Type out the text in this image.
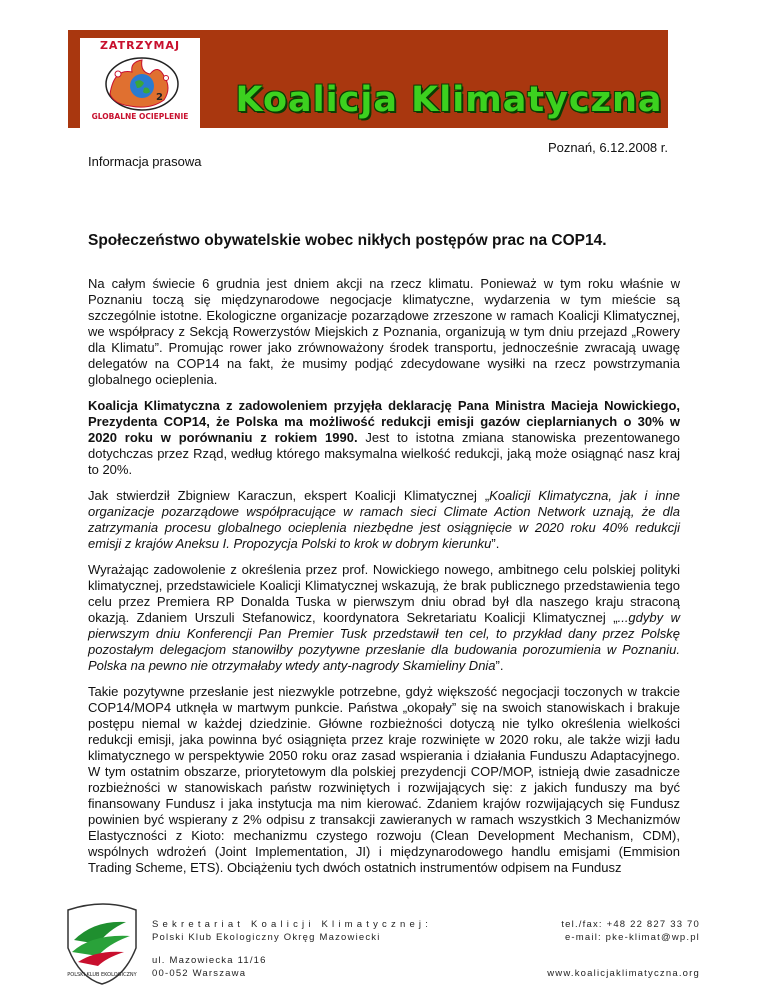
2
ZATRZYMAJ
GLOBALNE OCIEPLENIE	Koalicja Klimatyczna
Poznań, 6.12.2008 r.
Informacja prasowa
Społeczeństwo obywatelskie wobec nikłych postępów prac na COP14.

Na całym świecie 6 grudnia jest dniem akcji na rzecz klimatu. Ponieważ w tym roku właśnie w Poznaniu toczą się międzynarodowe negocjacje klimatyczne, wydarzenia w tym mieście są szczególnie istotne. Ekologiczne organizacje pozarządowe zrzeszone w ramach Koalicji Klimatycznej, we współpracy z Sekcją Rowerzystów Miejskich z Poznania, organizują w tym dniu przejazd „Rowery dla Klimatu”. Promując rower jako zrównoważony środek transportu, jednocześnie zwracają uwagę delegatów na COP14 na fakt, że musimy podjąć zdecydowane wysiłki na rzecz powstrzymania globalnego ocieplenia.

Koalicja Klimatyczna z zadowoleniem przyjęła deklarację Pana Ministra Macieja Nowickiego, Prezydenta COP14, że Polska ma możliwość redukcji emisji gazów cieplarnianych o 30% w 2020 roku w porównaniu z rokiem 1990. Jest to istotna zmiana stanowiska prezentowanego dotychczas przez Rząd, według którego maksymalna wielkość redukcji, jaką może osiągnąć nasz kraj to 20%.

Jak stwierdził Zbigniew Karaczun, ekspert Koalicji Klimatycznej „Koalicji Klimatyczna, jak i inne organizacje pozarządowe współpracujące w ramach sieci Climate Action Network uznają, że dla zatrzymania procesu globalnego ocieplenia niezbędne jest osiągnięcie w 2020 roku 40% redukcji emisji z krajów Aneksu I. Propozycja Polski to krok w dobrym kierunku”.

Wyrażając zadowolenie z określenia przez prof. Nowickiego nowego, ambitnego celu polskiej polityki klimatycznej, przedstawiciele Koalicji Klimatycznej wskazują, że brak publicznego przedstawienia tego celu przez Premiera RP Donalda Tuska w pierwszym dniu obrad był dla naszego kraju straconą okazją. Zdaniem Urszuli Stefanowicz, koordynatora Sekretariatu Koalicji Klimatycznej „...gdyby w pierwszym dniu Konferencji Pan Premier Tusk przedstawił ten cel, to przykład dany przez Polskę pozostałym delegacjom stanowiłby pozytywne przesłanie dla budowania porozumienia w Poznaniu. Polska na pewno nie otrzymałaby wtedy anty-nagrody Skamieliny Dnia”.

Takie pozytywne przesłanie jest niezwykle potrzebne, gdyż większość negocjacji toczonych w trakcie COP14/MOP4 utknęła w martwym punkcie. Państwa „okopały” się na swoich stanowiskach i brakuje postępu niemal w każdej dziedzinie. Główne rozbieżności dotyczą nie tylko określenia wielkości redukcji emisji, jaka powinna być osiągnięta przez kraje rozwinięte w 2020 roku, ale także wizji ładu klimatycznego w perspektywie 2050 roku oraz zasad wspierania i działania Funduszu Adaptacyjnego. W tym ostatnim obszarze, priorytetowym dla polskiej prezydencji COP/MOP, istnieją dwie zasadnicze rozbieżności w stanowiskach państw rozwiniętych i rozwijających się: z jakich funduszy ma być finansowany Fundusz i jaka instytucja ma nim kierować. Zdaniem krajów rozwijających się Fundusz powinien być wspierany z 2% odpisu z transakcji zawieranych w ramach wszystkich 3 Mechanizmów Elastyczności z Kioto: mechanizmu czystego rozwoju (Clean Development Mechanism, CDM), wspólnych wdrożeń (Joint Implementation, JI) i międzynarodowego handlu emisjami (Emmision Trading Scheme, ETS). Obciążeniu tych dwóch ostatnich instrumentów odpisem na Fundusz

POLSKI KLUB EKOLOGICZNY
Sekretariat Koalicji Klimatycznej:
Polski Klub Ekologiczny Okręg Mazowiecki
ul. Mazowiecka 11/16
00-052 Warszawa
tel./fax: +48 22 827 33 70
e-mail: pke-klimat@wp.pl
www.koalicjaklimatyczna.org
